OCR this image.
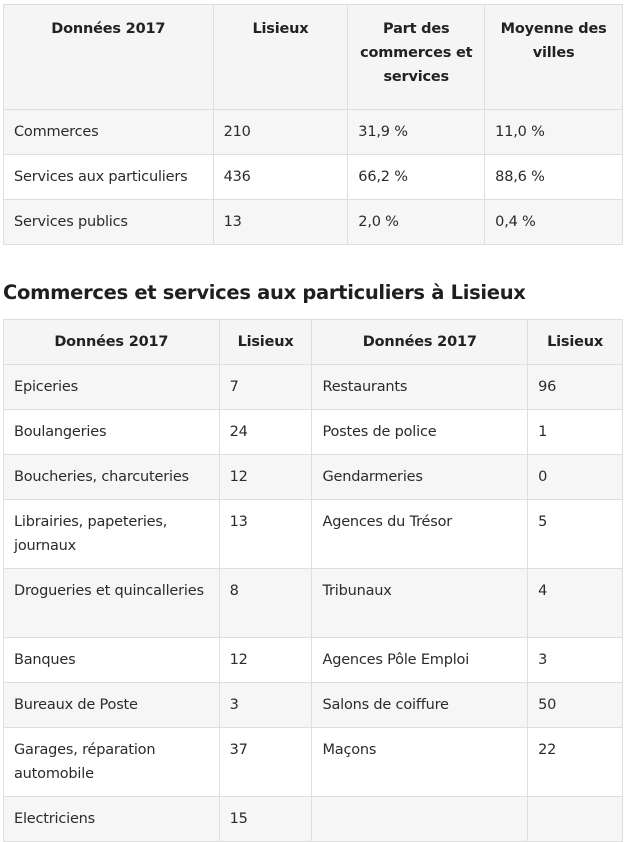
Données 2017	Lisieux	Part des commerces et services	Moyenne des villes
Commerces	210	31,9 %	11,0 %
Services aux particuliers	436	66,2 %	88,6 %
Services publics	13	2,0 %	0,4 %
Commerces et services aux particuliers à Lisieux
Données 2017	Lisieux	Données 2017	Lisieux
Epiceries	7	Restaurants	96
Boulangeries	24	Postes de police	1
Boucheries, charcuteries	12	Gendarmeries	0
Librairies, papeteries, journaux	13	Agences du Trésor	5
Drogueries et quincalleries	8	Tribunaux	4
Banques	12	Agences Pôle Emploi	3
Bureaux de Poste	3	Salons de coiffure	50
Garages, réparation automobile	37	Maçons	22
Electriciens	15		
